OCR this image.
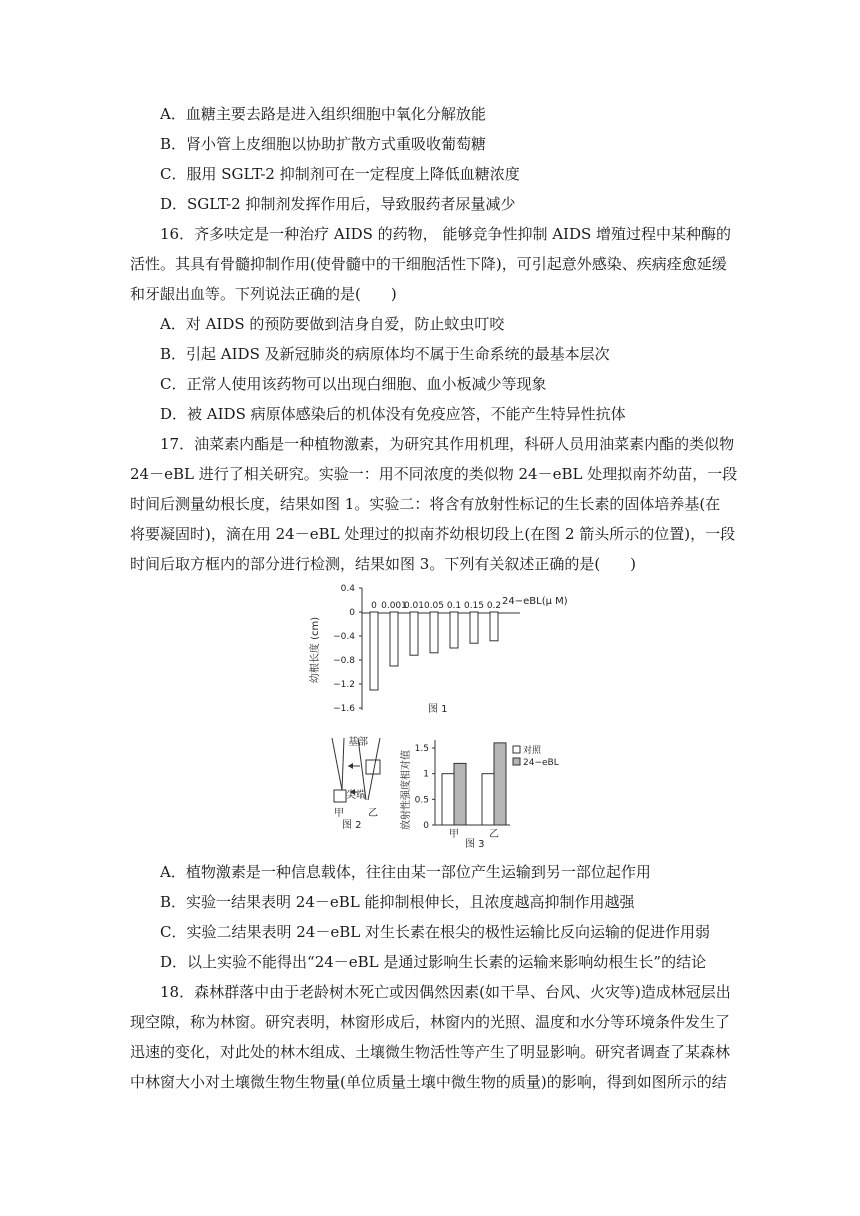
A．血糖主要去路是进入组织细胞中氧化分解放能
B．肾小管上皮细胞以协助扩散方式重吸收葡萄糖
C．服用 SGLT-2 抑制剂可在一定程度上降低血糖浓度
D．SGLT-2 抑制剂发挥作用后，导致服药者尿量减少
16．齐多呋定是一种治疗 AIDS 的药物， 能够竞争性抑制 AIDS 增殖过程中某种酶的
活性。其具有骨髓抑制作用(使骨髓中的干细胞活性下降)，可引起意外感染、疾病痊愈延缓
和牙龈出血等。下列说法正确的是(　　)
A．对 AIDS 的预防要做到洁身自爱，防止蚊虫叮咬
B．引起 AIDS 及新冠肺炎的病原体均不属于生命系统的最基本层次
C．正常人使用该药物可以出现白细胞、血小板减少等现象
D．被 AIDS 病原体感染后的机体没有免疫应答，不能产生特异性抗体
17．油菜素内酯是一种植物激素，为研究其作用机理，科研人员用油菜素内酯的类似物
24－eBL 进行了相关研究。实验一：用不同浓度的类似物 24－eBL 处理拟南芥幼苗，一段
时间后测量幼根长度，结果如图 1。实验二：将含有放射性标记的生长素的固体培养基(在
将要凝固时)，滴在用 24－eBL 处理过的拟南芥幼根切段上(在图 2 箭头所示的位置)，一段
时间后取方框内的部分进行检测，结果如图 3。下列有关叙述正确的是(　　)
幼根长度 (cm)
0.4
0
−0.4
−0.8
−1.2
−1.6
0 0.001
0.01 0.05 0.1 0.15 0.2 24−eBL(μ M)
图 1
基部
尖端
甲 乙
图 2	放射性强度相对值 0
0.5
1
1.5
甲	乙
对照
24−eBL
图 3
A．植物激素是一种信息载体，往往由某一部位产生运输到另一部位起作用
B．实验一结果表明 24－eBL 能抑制根伸长，且浓度越高抑制作用越强
C．实验二结果表明 24－eBL 对生长素在根尖的极性运输比反向运输的促进作用弱
D．以上实验不能得出“24－eBL 是通过影响生长素的运输来影响幼根生长”的结论
18．森林群落中由于老龄树木死亡或因偶然因素(如干旱、台风、火灾等)造成林冠层出
现空隙，称为林窗。研究表明，林窗形成后，林窗内的光照、温度和水分等环境条件发生了
迅速的变化，对此处的林木组成、土壤微生物活性等产生了明显影响。研究者调查了某森林
中林窗大小对土壤微生物生物量(单位质量土壤中微生物的质量)的影响，得到如图所示的结
